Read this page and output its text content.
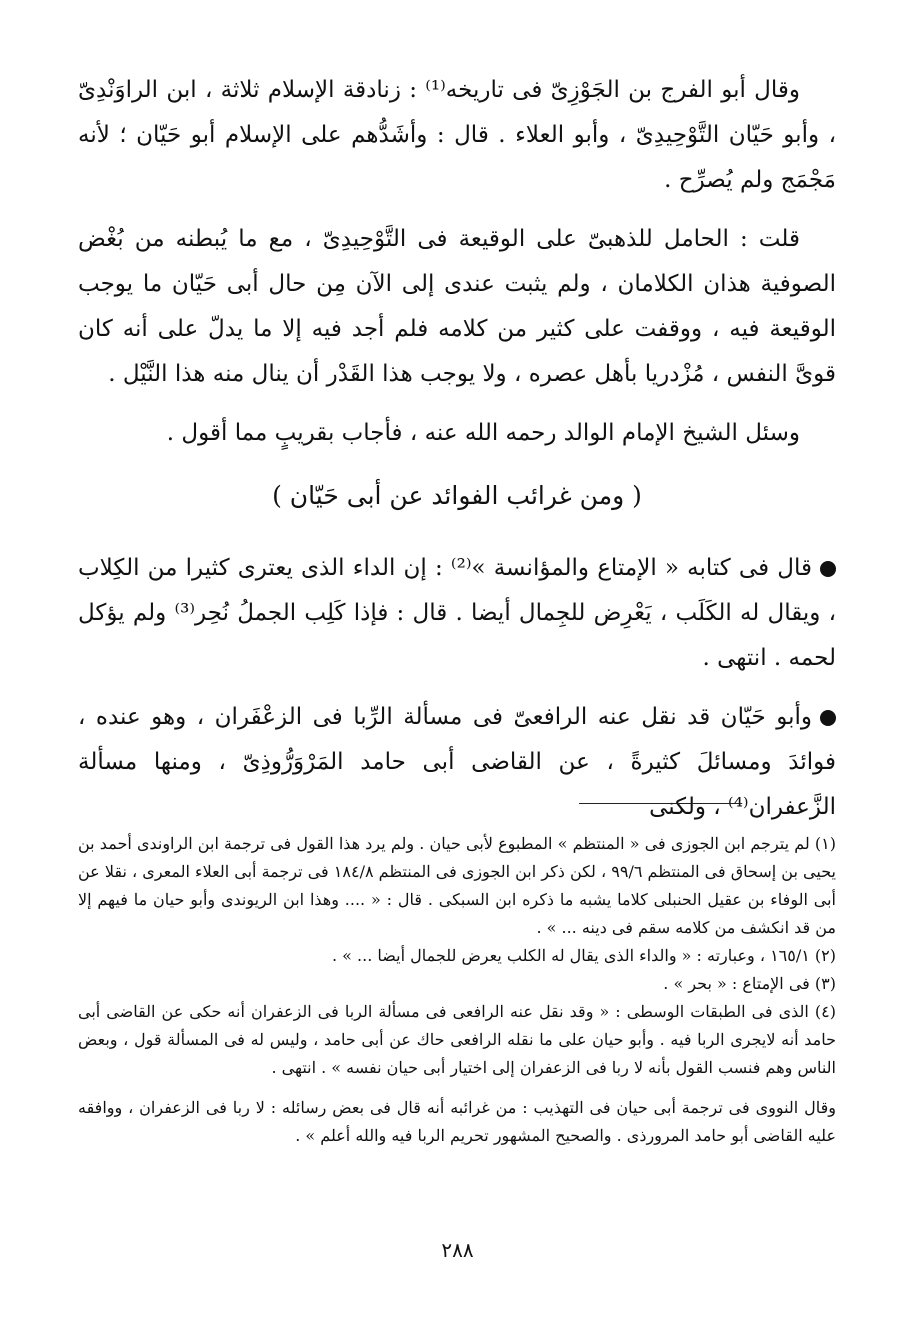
وقال أبو الفرج بن الجَوْزِىّ فى تاريخه⁽¹⁾ : زنادقة الإسلام ثلاثة ، ابن الراوَنْدِىّ ، وأبو حَيّان التَّوْحِيدِىّ ، وأبو العلاء . قال : وأشَدُّهم على الإسلام أبو حَيّان ؛ لأنه مَجْمَج ولم يُصرِّح .

قلت : الحامل للذهبىّ على الوقيعة فى التَّوْحِيدِىّ ، مع ما يُبطنه من بُغْض الصوفية هذان الكلامان ، ولم يثبت عندى إلى الآن مِن حال أبى حَيّان ما يوجب الوقيعة فيه ، ووقفت على كثير من كلامه فلم أجد فيه إلا ما يدلّ على أنه كان قوىَّ النفس ، مُزْدريا بأهل عصره ، ولا يوجب هذا القَدْر أن ينال منه هذا النَّيْل .

وسئل الشيخ الإمام الوالد رحمه الله عنه ، فأجاب بقريبٍ مما أقول .

( ومن غرائب الفوائد عن أبى حَيّان )

قال فى كتابه « الإمتاع والمؤانسة »⁽²⁾ : إن الداء الذى يعترى كثيرا من الكِلاب ، ويقال له الكَلَب ، يَعْرِض للجِمال أيضا . قال : فإذا كَلِب الجملُ نُحِر⁽³⁾ ولم يؤكل لحمه . انتهى .

وأبو حَيّان قد نقل عنه الرافعىّ فى مسألة الرِّبا فى الزعْفَران ، وهو عنده ، فوائدَ ومسائلَ كثيرةً ، عن القاضى أبى حامد المَرْوَرُّوذِىّ ، ومنها مسألة الزَّعفران⁽⁴⁾ ، ولكنى

(١) لم يترجم ابن الجوزى فى « المنتظم » المطبوع لأبى حيان . ولم يرد هذا القول فى ترجمة ابن الراوندى أحمد بن يحيى بن إسحاق فى المنتظم ٩٩/٦ ، لكن ذكر ابن الجوزى فى المنتظم ١٨٤/٨ فى ترجمة أبى العلاء المعرى ، نقلا عن أبى الوفاء بن عقيل الحنبلى كلاما يشبه ما ذكره ابن السبكى . قال : « .... وهذا ابن الريوندى وأبو حيان ما فيهم إلا من قد انكشف من كلامه سقم فى دينه ... » .

(٢) ١٦٥/١ ، وعبارته : « والداء الذى يقال له الكلب يعرض للجمال أيضا ... » .

(٣) فى الإمتاع : « بحر » .

(٤) الذى فى الطبقات الوسطى : « وقد نقل عنه الرافعى فى مسألة الربا فى الزعفران أنه حكى عن القاضى أبى حامد أنه لايجرى الربا فيه . وأبو حيان على ما نقله الرافعى حاك عن أبى حامد ، وليس له فى المسألة قول ، وبعض الناس وهم فنسب القول بأنه لا ربا فى الزعفران إلى اختيار أبى حيان نفسه » . انتهى .

وقال النووى فى ترجمة أبى حيان فى التهذيب : من غرائبه أنه قال فى بعض رسائله : لا ربا فى الزعفران ، ووافقه عليه القاضى أبو حامد المرورذى . والصحيح المشهور تحريم الربا فيه والله أعلم » .

٢٨٨
